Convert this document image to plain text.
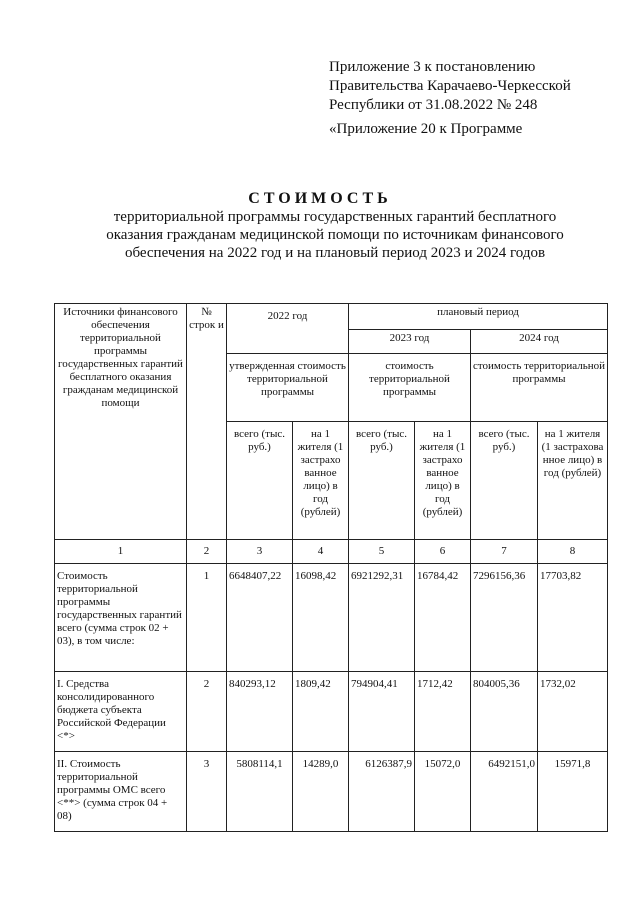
Приложение 3 к постановлению
Правительства Карачаево-Черкесской
Республики от 31.08.2022 № 248
«Приложение 20 к Программе
СТОИМОСТЬ
территориальной программы государственных гарантий бесплатного оказания гражданам медицинской помощи по источникам финансового обеспечения на 2022 год и на плановый период 2023 и 2024 годов
Источники финансового обеспечения территориальной программы государственных гарантий бесплатного оказания гражданам медицинской помощи	№ строк и	2022 год		плановый период			
				2023 год		2024 год	
		утвержденная стоимость территориальной программы		стоимость территориальной программы		стоимость территориальной программы	
		всего (тыс. руб.)	на 1 жителя (1 застрахо ванное лицо) в год (рублей)	всего (тыс. руб.)	на 1 жителя (1 застрахо ванное лицо) в год (рублей)	всего (тыс. руб.)	на 1 жителя (1 застрахова нное лицо) в год (рублей)
1	2	3	4	5	6	7	8
Стоимость территориальной программы государственных гарантий всего (сумма строк 02 + 03), в том числе:	1	6648407,22	16098,42	6921292,31	16784,42	7296156,36	17703,82
I. Средства консолидированного бюджета субъекта Российской Федерации <*>	2	840293,12	1809,42	794904,41	1712,42	804005,36	1732,02
II. Стоимость территориальной программы ОМС всего <**> (сумма строк 04 + 08)	3	5808114,1	14289,0	6126387,9	15072,0	6492151,0	15971,8
